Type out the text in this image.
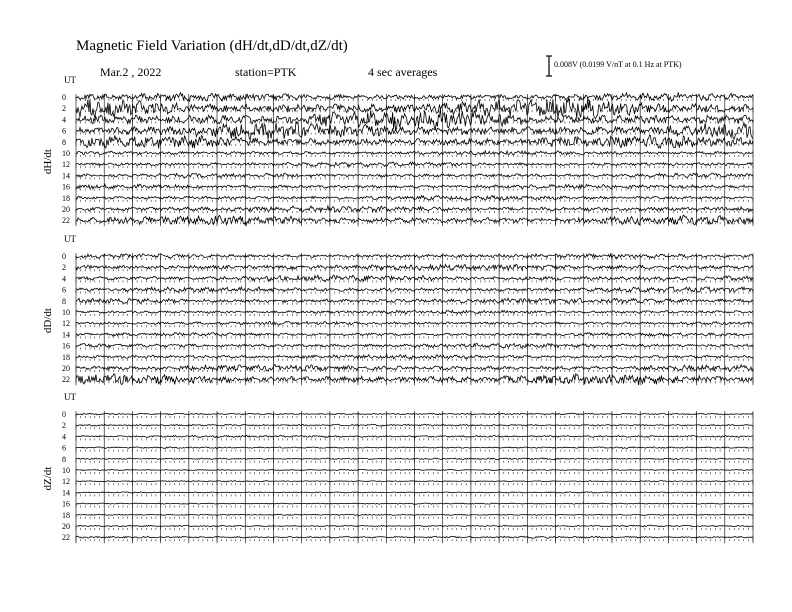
Magnetic Field Variation (dH/dt,dD/dt,dZ/dt)
Mar.2 , 2022	station=PTK	4 sec averages
0.008V (0.0199 V/nT at 0.1 Hz at PTK)
UT
dH/dt
0
2
4
6
8
10
12
14
16
18
20
22
UT
dD/dt
0
2
4
6
8
10
12
14
16
18
20
22
UT
dZ/dt
0
2
4
6
8
10
12
14
16
18
20
22
